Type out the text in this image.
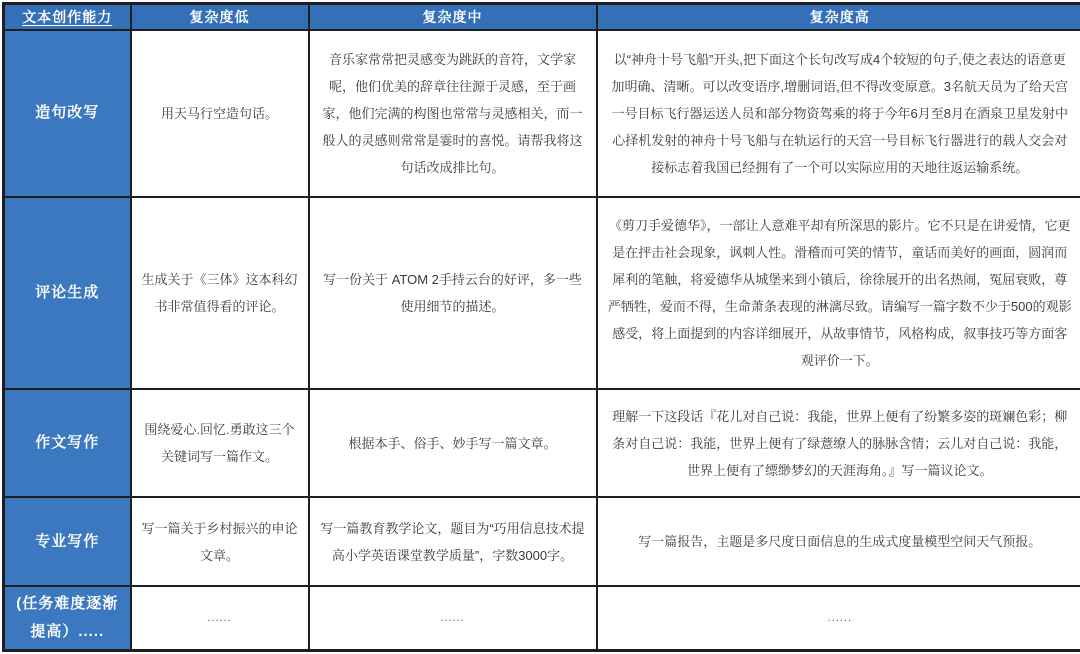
文本创作能力	复杂度低	复杂度中	复杂度高
造句改写	用天马行空造句话。	音乐家常常把灵感变为跳跃的音符，文学家呢，他们优美的辞章往往源于灵感，至于画家，他们完满的构图也常常与灵感相关，而一般人的灵感则常常是霎时的喜悦。请帮我将这句话改成排比句。	以“神舟十号飞船”开头,把下面这个长句改写成4个较短的句子,使之表达的语意更加明确、清晰。可以改变语序,增删词语,但不得改变原意。3名航天员为了给天宫一号目标飞行器运送人员和部分物资驾乘的将于今年6月至8月在酒泉卫星发射中心择机发射的神舟十号飞船与在轨运行的天宫一号目标飞行器进行的载人交会对接标志着我国已经拥有了一个可以实际应用的天地往返运输系统。
评论生成	生成关于《三体》这本科幻书非常值得看的评论。	写一份关于 ATOM 2手持云台的好评，多一些使用细节的描述。	《剪刀手爱德华》，一部让人意难平却有所深思的影片。它不只是在讲爱情，它更是在抨击社会现象，讽刺人性。滑稽而可笑的情节，童话而美好的画面，圆润而犀利的笔触，将爱德华从城堡来到小镇后，徐徐展开的出名热闹，冤屈衰败，尊严牺牲，爱而不得，生命萧条表现的淋漓尽致。请编写一篇字数不少于500的观影感受，将上面提到的内容详细展开，从故事情节，风格构成，叙事技巧等方面客观评价一下。
作文写作	围绕爱心.回忆.勇敢这三个关键词写一篇作文。	根据本手、俗手、妙手写一篇文章。	理解一下这段话『花儿对自己说：我能，世界上便有了纷繁多姿的斑斓色彩；柳条对自己说：我能，世界上便有了绿薏缭人的脉脉含情；云儿对自己说：我能，世界上便有了缥缈梦幻的天涯海角。』写一篇议论文。
专业写作	写一篇关于乡村振兴的申论文章。	写一篇教育教学论文，题目为“巧用信息技术提高小学英语课堂教学质量”，字数3000字。	写一篇报告，主题是多尺度日面信息的生成式度量模型空间天气预报。
(任务难度逐渐提高）.....	......	......	......
